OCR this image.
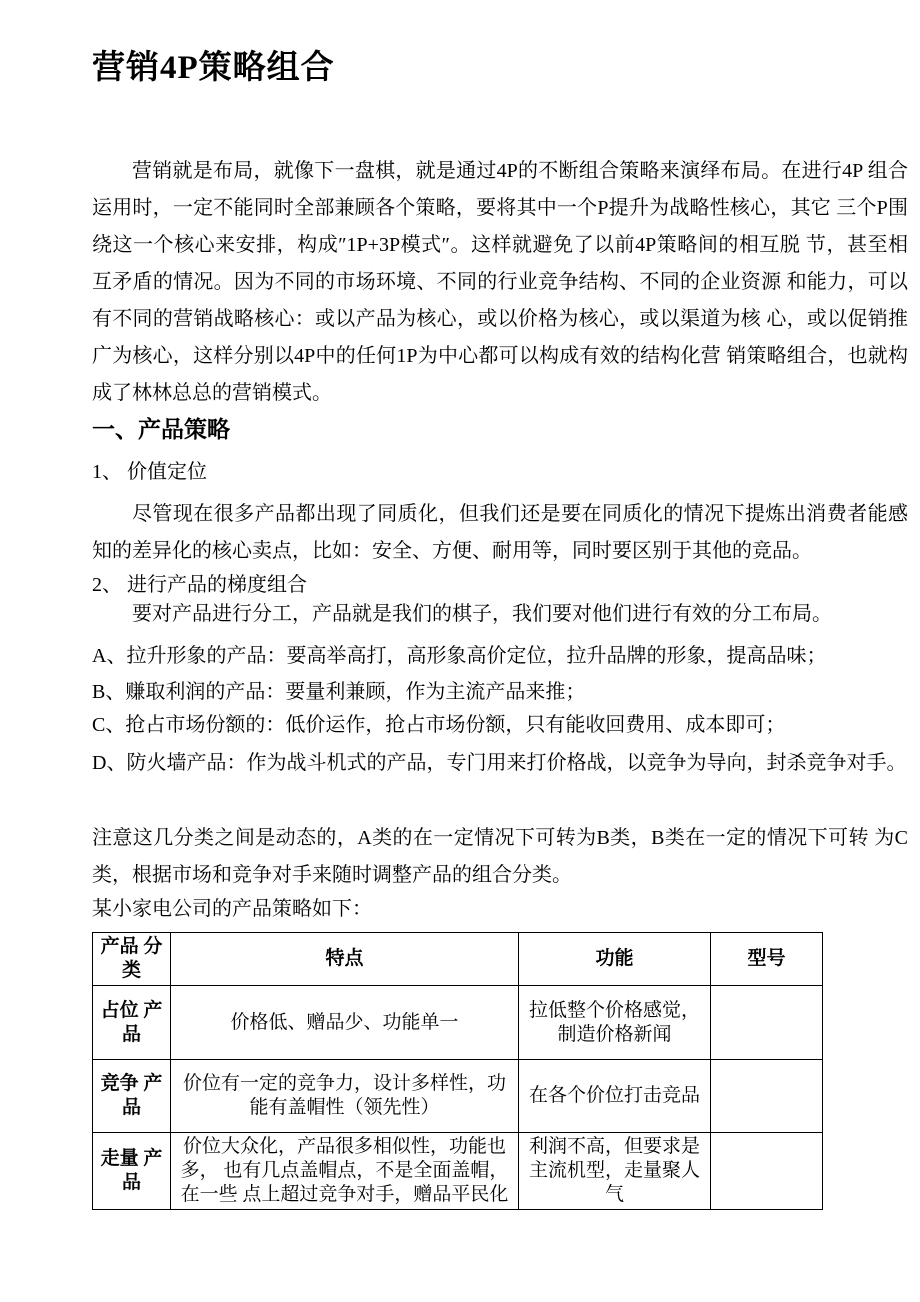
营销4P策略组合
营销就是布局，就像下一盘棋，就是通过4P的不断组合策略来演绎布局。在进行4P 组合运用时，一定不能同时全部兼顾各个策略，要将其中一个P提升为战略性核心，其它 三个P围绕这一个核心来安排，构成″1P+3P模式″。这样就避免了以前4P策略间的相互脱 节，甚至相互矛盾的情况。因为不同的市场环境、不同的行业竞争结构、不同的企业资源 和能力，可以有不同的营销战略核心：或以产品为核心，或以价格为核心，或以渠道为核 心，或以促销推广为核心，这样分别以4P中的任何1P为中心都可以构成有效的结构化营 销策略组合，也就构成了林林总总的营销模式。
一、产品策略
1、 价值定位
尽管现在很多产品都出现了同质化，但我们还是要在同质化的情况下提炼出消费者能感知的差异化的核心卖点，比如：安全、方便、耐用等，同时要区别于其他的竞品。
2、 进行产品的梯度组合
要对产品进行分工，产品就是我们的棋子，我们要对他们进行有效的分工布局。
A、拉升形象的产品：要高举高打，高形象高价定位，拉升品牌的形象，提高品味；
B、赚取利润的产品：要量利兼顾，作为主流产品来推；
C、抢占市场份额的：低价运作，抢占市场份额，只有能收回费用、成本即可；
D、防火墙产品：作为战斗机式的产品，专门用来打价格战，以竞争为导向，封杀竞争对手。
注意这几分类之间是动态的，A类的在一定情况下可转为B类，B类在一定的情况下可转 为C类，根据市场和竞争对手来随时调整产品的组合分类。
某小家电公司的产品策略如下：
产品 分类	特点	功能	型号
占位 产品	价格低、赠品少、功能单一	拉低整个价格感觉，制造价格新闻	
竞争 产品	价位有一定的竞争力，设计多样性，功能有盖帽性（领先性）	在各个价位打击竞品	
走量 产品	价位大众化，产品很多相似性，功能也多， 也有几点盖帽点，不是全面盖帽，在一些 点上超过竞争对手，赠品平民化	利润不高，但要求是主流机型，走量聚人气	
